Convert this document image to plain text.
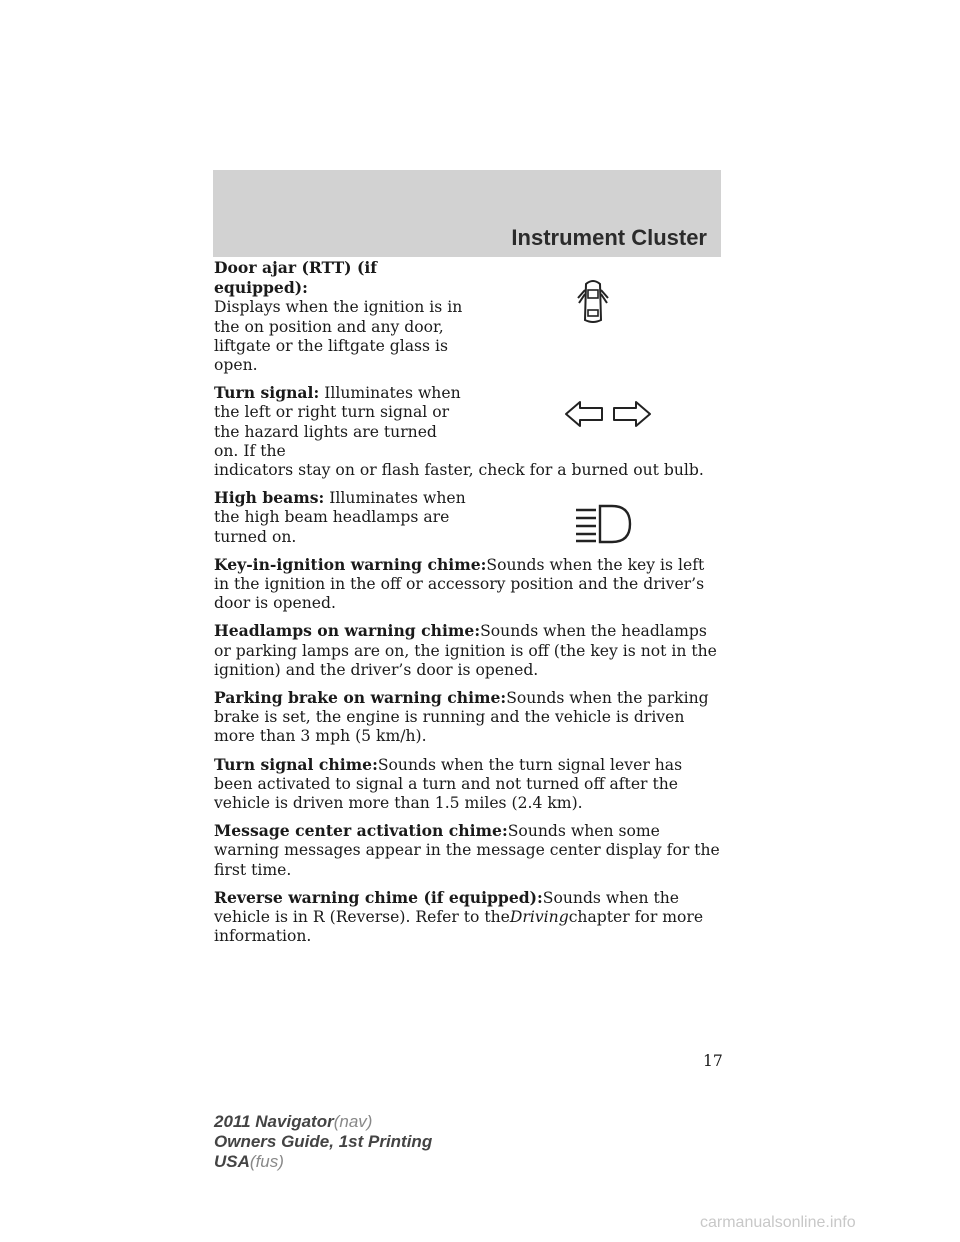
Instrument Cluster
Door ajar (RTT) (if equipped):
Displays when the ignition is in the on position and any door, liftgate or the liftgate glass is open.
Turn signal: Illuminates when the left or right turn signal or the hazard lights are turned on. If the
indicators stay on or flash faster, check for a burned out bulb.
High beams: Illuminates when the high beam headlamps are turned on.
Key-in-ignition warning chime:Sounds when the key is left in the ignition in the off or accessory position and the driver’s door is opened.
Headlamps on warning chime:Sounds when the headlamps or parking lamps are on, the ignition is off (the key is not in the ignition) and the driver’s door is opened.
Parking brake on warning chime:Sounds when the parking brake is set, the engine is running and the vehicle is driven more than 3 mph (5 km/h).
Turn signal chime:Sounds when the turn signal lever has been activated to signal a turn and not turned off after the vehicle is driven more than 1.5 miles (2.4 km).
Message center activation chime:Sounds when some warning messages appear in the message center display for the first time.
Reverse warning chime (if equipped):Sounds when the vehicle is in R (Reverse). Refer to theDrivingchapter for more information.
17
2011 Navigator(nav)
Owners Guide, 1st Printing
USA(fus)
carmanualsonline.info
